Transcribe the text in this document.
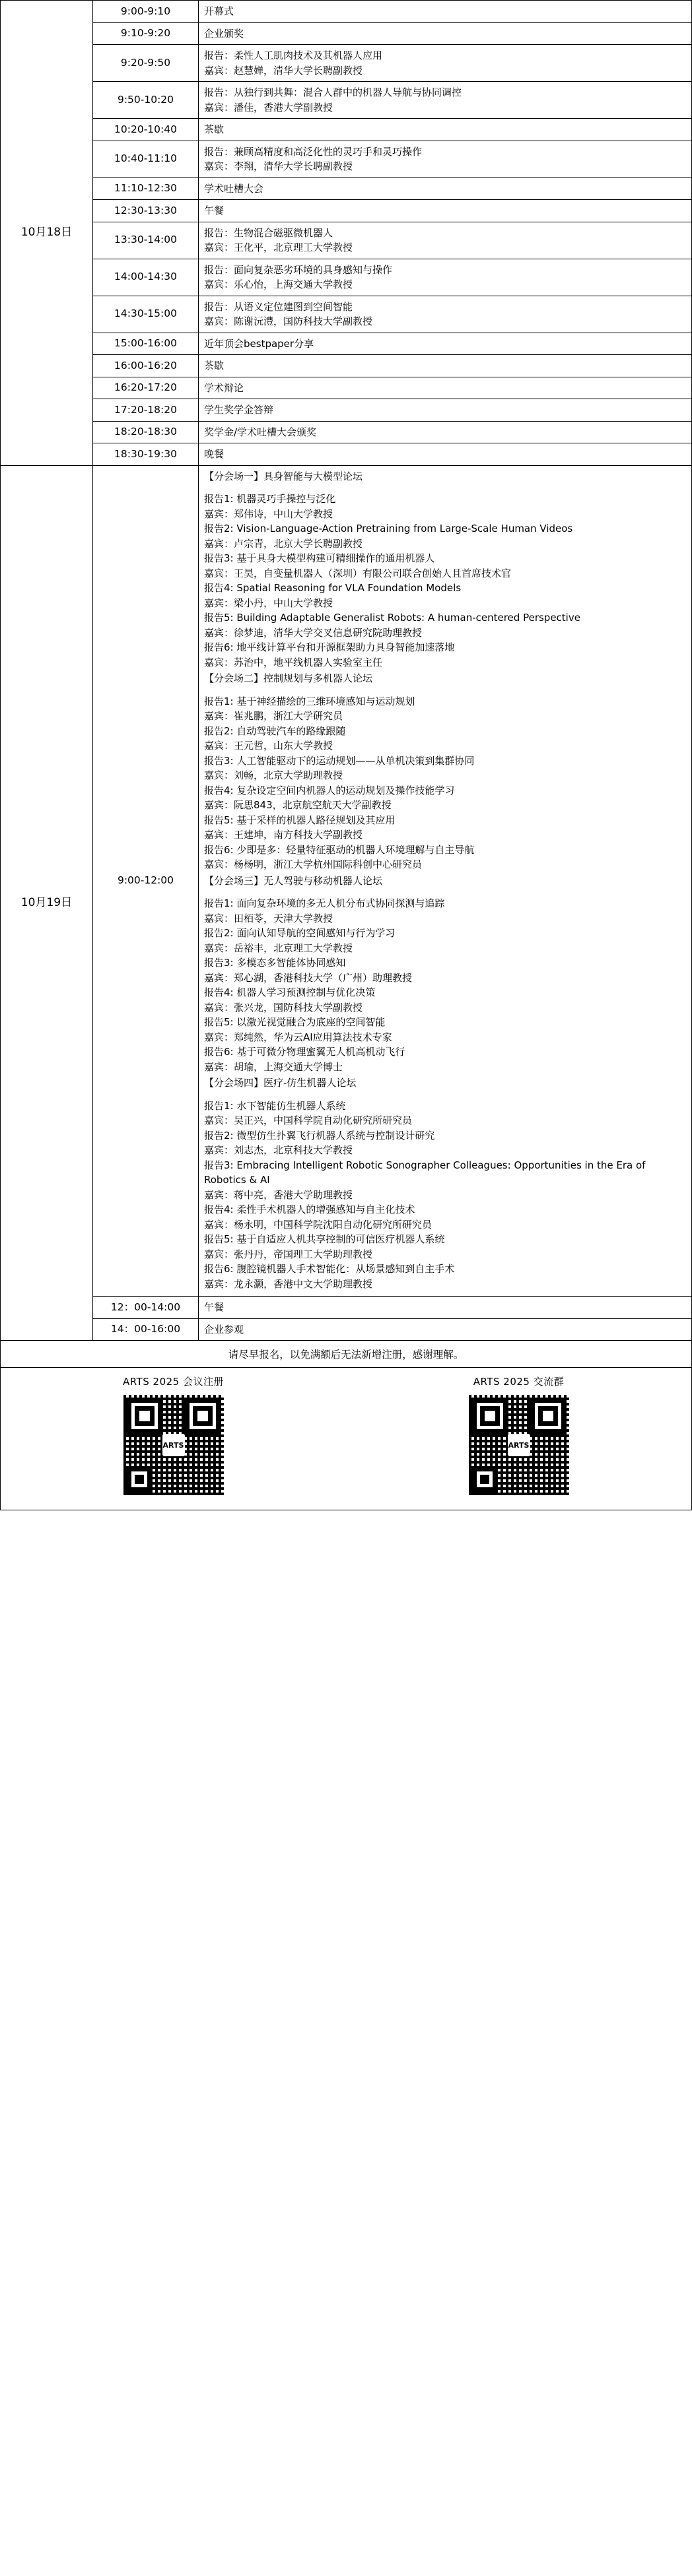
10月18日	9:00-9:10	开幕式

	9:10-9:20	企业颁奖

	9:20-9:50	报告：柔性人工肌肉技术及其机器人应用
嘉宾：赵慧婵，清华大学长聘副教授

	9:50-10:20	报告：从独行到共舞：混合人群中的机器人导航与协同调控
嘉宾：潘佳，香港大学副教授

	10:20-10:40	茶歇

	10:40-11:10	报告：兼顾高精度和高泛化性的灵巧手和灵巧操作
嘉宾：李翔，清华大学长聘副教授

	11:10-12:30	学术吐槽大会

	12:30-13:30	午餐

	13:30-14:00	报告：生物混合磁驱微机器人
嘉宾：王化平，北京理工大学教授

	14:00-14:30	报告：面向复杂恶劣环境的具身感知与操作
嘉宾：乐心怡，上海交通大学教授

	14:30-15:00	报告：从语义定位建图到空间智能
嘉宾：陈谢沅澧，国防科技大学副教授

	15:00-16:00	近年顶会bestpaper分享

	16:00-16:20	茶歇

	16:20-17:20	学术辩论

	17:20-18:20	学生奖学金答辩

	18:20-18:30	奖学金/学术吐槽大会颁奖

	18:30-19:30	晚餐

10月19日	9:00-12:00	
【分会场一】具身智能与大模型论坛
报告1: 机器灵巧手操控与泛化
嘉宾：郑伟诗，中山大学教授
报告2: Vision-Language-Action Pretraining from Large-Scale Human Videos
嘉宾：卢宗青，北京大学长聘副教授
报告3: 基于具身大模型构建可精细操作的通用机器人
嘉宾：王昊，自变量机器人（深圳）有限公司联合创始人且首席技术官
报告4: Spatial Reasoning for VLA Foundation Models
嘉宾：梁小丹，中山大学教授
报告5: Building Adaptable Generalist Robots: A human-centered Perspective
嘉宾：徐梦迪，清华大学交叉信息研究院助理教授
报告6: 地平线计算平台和开源框架助力具身智能加速落地
嘉宾：苏治中，地平线机器人实验室主任
【分会场二】控制规划与多机器人论坛
报告1: 基于神经描绘的三维环境感知与运动规划
嘉宾：崔兆鹏，浙江大学研究员
报告2: 自动驾驶汽车的路缘跟随
嘉宾：王元哲，山东大学教授
报告3: 人工智能驱动下的运动规划——从单机决策到集群协同
嘉宾：刘畅，北京大学助理教授
报告4: 复杂设定空间内机器人的运动规划及操作技能学习
嘉宾：阮思843，北京航空航天大学副教授
报告5: 基于采样的机器人路径规划及其应用
嘉宾：王建坤，南方科技大学副教授
报告6: 少即是多：轻量特征驱动的机器人环境理解与自主导航
嘉宾：杨杨明，浙江大学杭州国际科创中心研究员
【分会场三】无人驾驶与移动机器人论坛
报告1: 面向复杂环境的多无人机分布式协同探测与追踪
嘉宾：田栢苓，天津大学教授
报告2: 面向认知导航的空间感知与行为学习
嘉宾：岳裕丰，北京理工大学教授
报告3: 多模态多智能体协同感知
嘉宾：郑心湖，香港科技大学（广州）助理教授
报告4: 机器人学习预测控制与优化决策
嘉宾：张兴龙，国防科技大学副教授
报告5: 以激光视觉融合为底座的空间智能
嘉宾：郑纯然，华为云AI应用算法技术专家
报告6: 基于可微分物理蜜翼无人机高机动飞行
嘉宾：胡瑜，上海交通大学博士
【分会场四】医疗-仿生机器人论坛
报告1: 水下智能仿生机器人系统
嘉宾：吴正兴，中国科学院自动化研究所研究员
报告2: 微型仿生扑翼飞行机器人系统与控制设计研究
嘉宾：刘志杰，北京科技大学教授
报告3: Embracing Intelligent Robotic Sonographer Colleagues: Opportunities in the Era of Robotics & AI
嘉宾：蒋中亮，香港大学助理教授
报告4: 柔性手术机器人的增强感知与自主化技术
嘉宾：杨永明，中国科学院沈阳自动化研究所研究员
报告5: 基于自适应人机共享控制的可信医疗机器人系统
嘉宾：张丹丹，帝国理工大学助理教授
报告6: 腹腔镜机器人手术智能化：从场景感知到自主手术
嘉宾：龙永灏，香港中文大学助理教授

	12：00-14:00	午餐

	14：00-16:00	企业参观
请尽早报名，以免满额后无法新增注册，感谢理解。
ARTS 2025 会议注册
ARTS
ARTS 2025 交流群
ARTS
